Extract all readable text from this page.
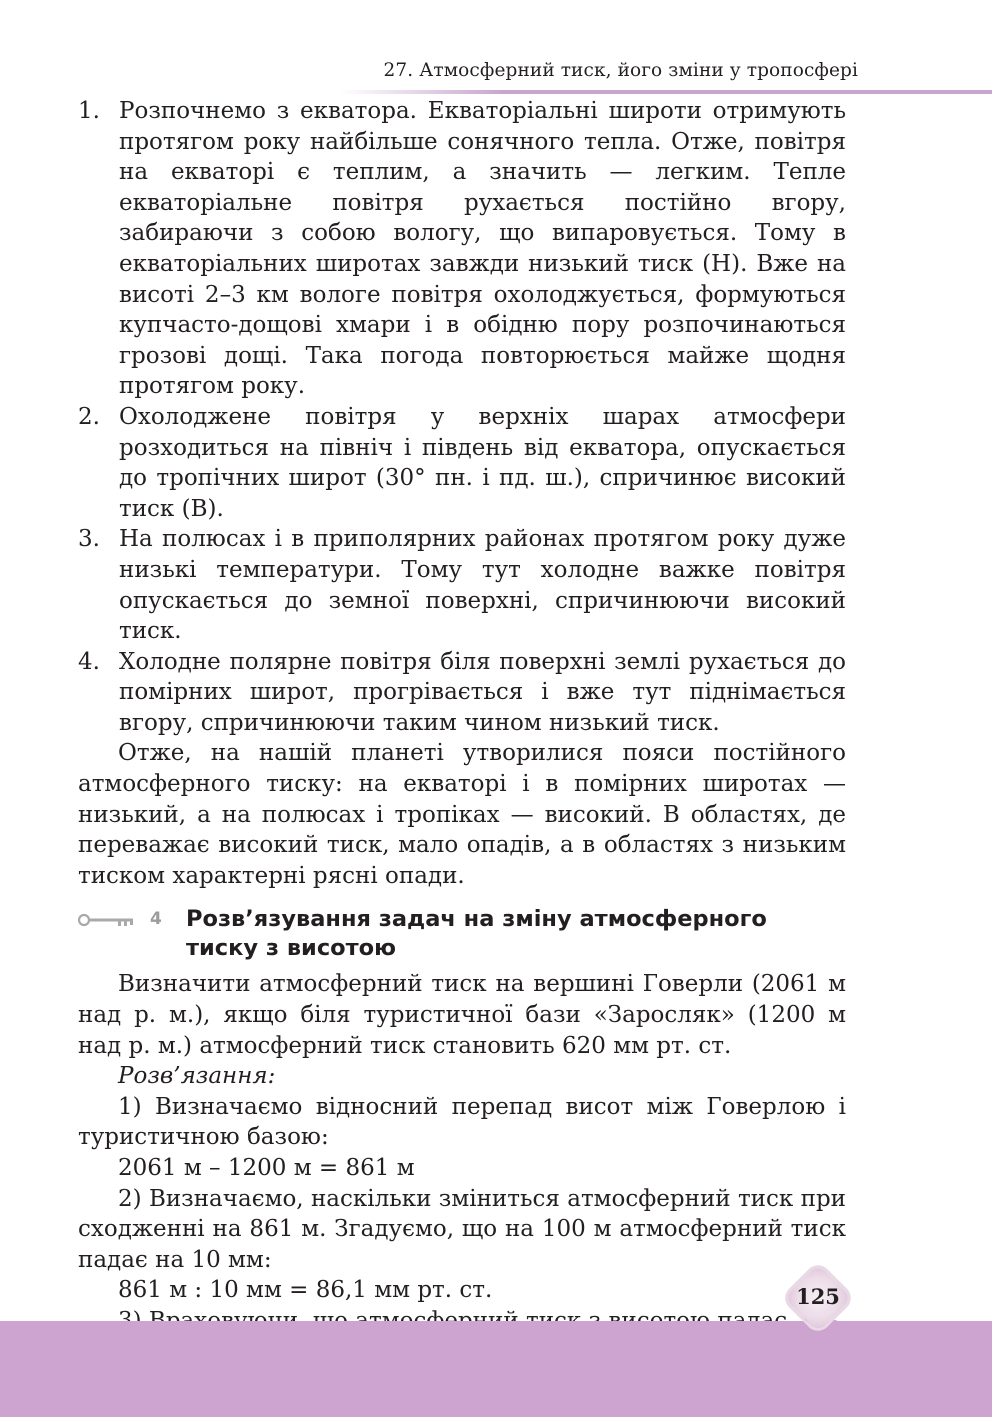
27. Атмосферний тиск, його зміни у тропосфері
1. Розпочнемо з екватора. Екваторіальні широти отримують протягом року найбільше сонячного тепла. Отже, повітря на екваторі є теплим, а значить — легким. Тепле екваторіальне повітря рухається постійно вгору, забираючи з собою вологу, що випаровується. Тому в екваторіальних широтах завжди низький тиск (Н). Вже на висоті 2–3 км вологе повітря охолоджується, формуються купчасто-дощові хмари і в обідню пору розпочинаються грозові дощі. Така погода повторюється майже щодня протягом року.
2. Охолоджене повітря у верхніх шарах атмосфери розходиться на північ і південь від екватора, опускається до тропічних широт (30° пн. і пд. ш.), спричинює високий тиск (В).
3. На полюсах і в приполярних районах протягом року дуже низькі температури. Тому тут холодне важке повітря опускається до земної поверхні, спричинюючи високий тиск.
4. Холодне полярне повітря біля поверхні землі рухається до помірних широт, прогрівається і вже тут піднімається вгору, спричинюючи таким чином низький тиск.

Отже, на нашій планеті утворилися пояси постійного атмосферного тиску: на екваторі і в помірних широтах — низький, а на полюсах і тропіках — високий. В областях, де переважає високий тиск, мало опадів, а в областях з низьким тиском характерні рясні опади.

4	Розв’язування задач на зміну атмосферного тиску з висотою

Визначити атмосферний тиск на вершині Говерли (2061 м над р. м.), якщо біля туристичної бази «Заросляк» (1200 м над р. м.) атмосферний тиск становить 620 мм рт. ст.

Розв’язання:

1) Визначаємо відносний перепад висот між Говерлою і туристичною базою:

2061 м – 1200 м = 861 м

2) Визначаємо, наскільки зміниться атмосферний тиск при сходженні на 861 м. Згадуємо, що на 100 м атмосферний тиск падає на 10 мм:

861 м : 10 мм = 86,1 мм рт. ст.	125
